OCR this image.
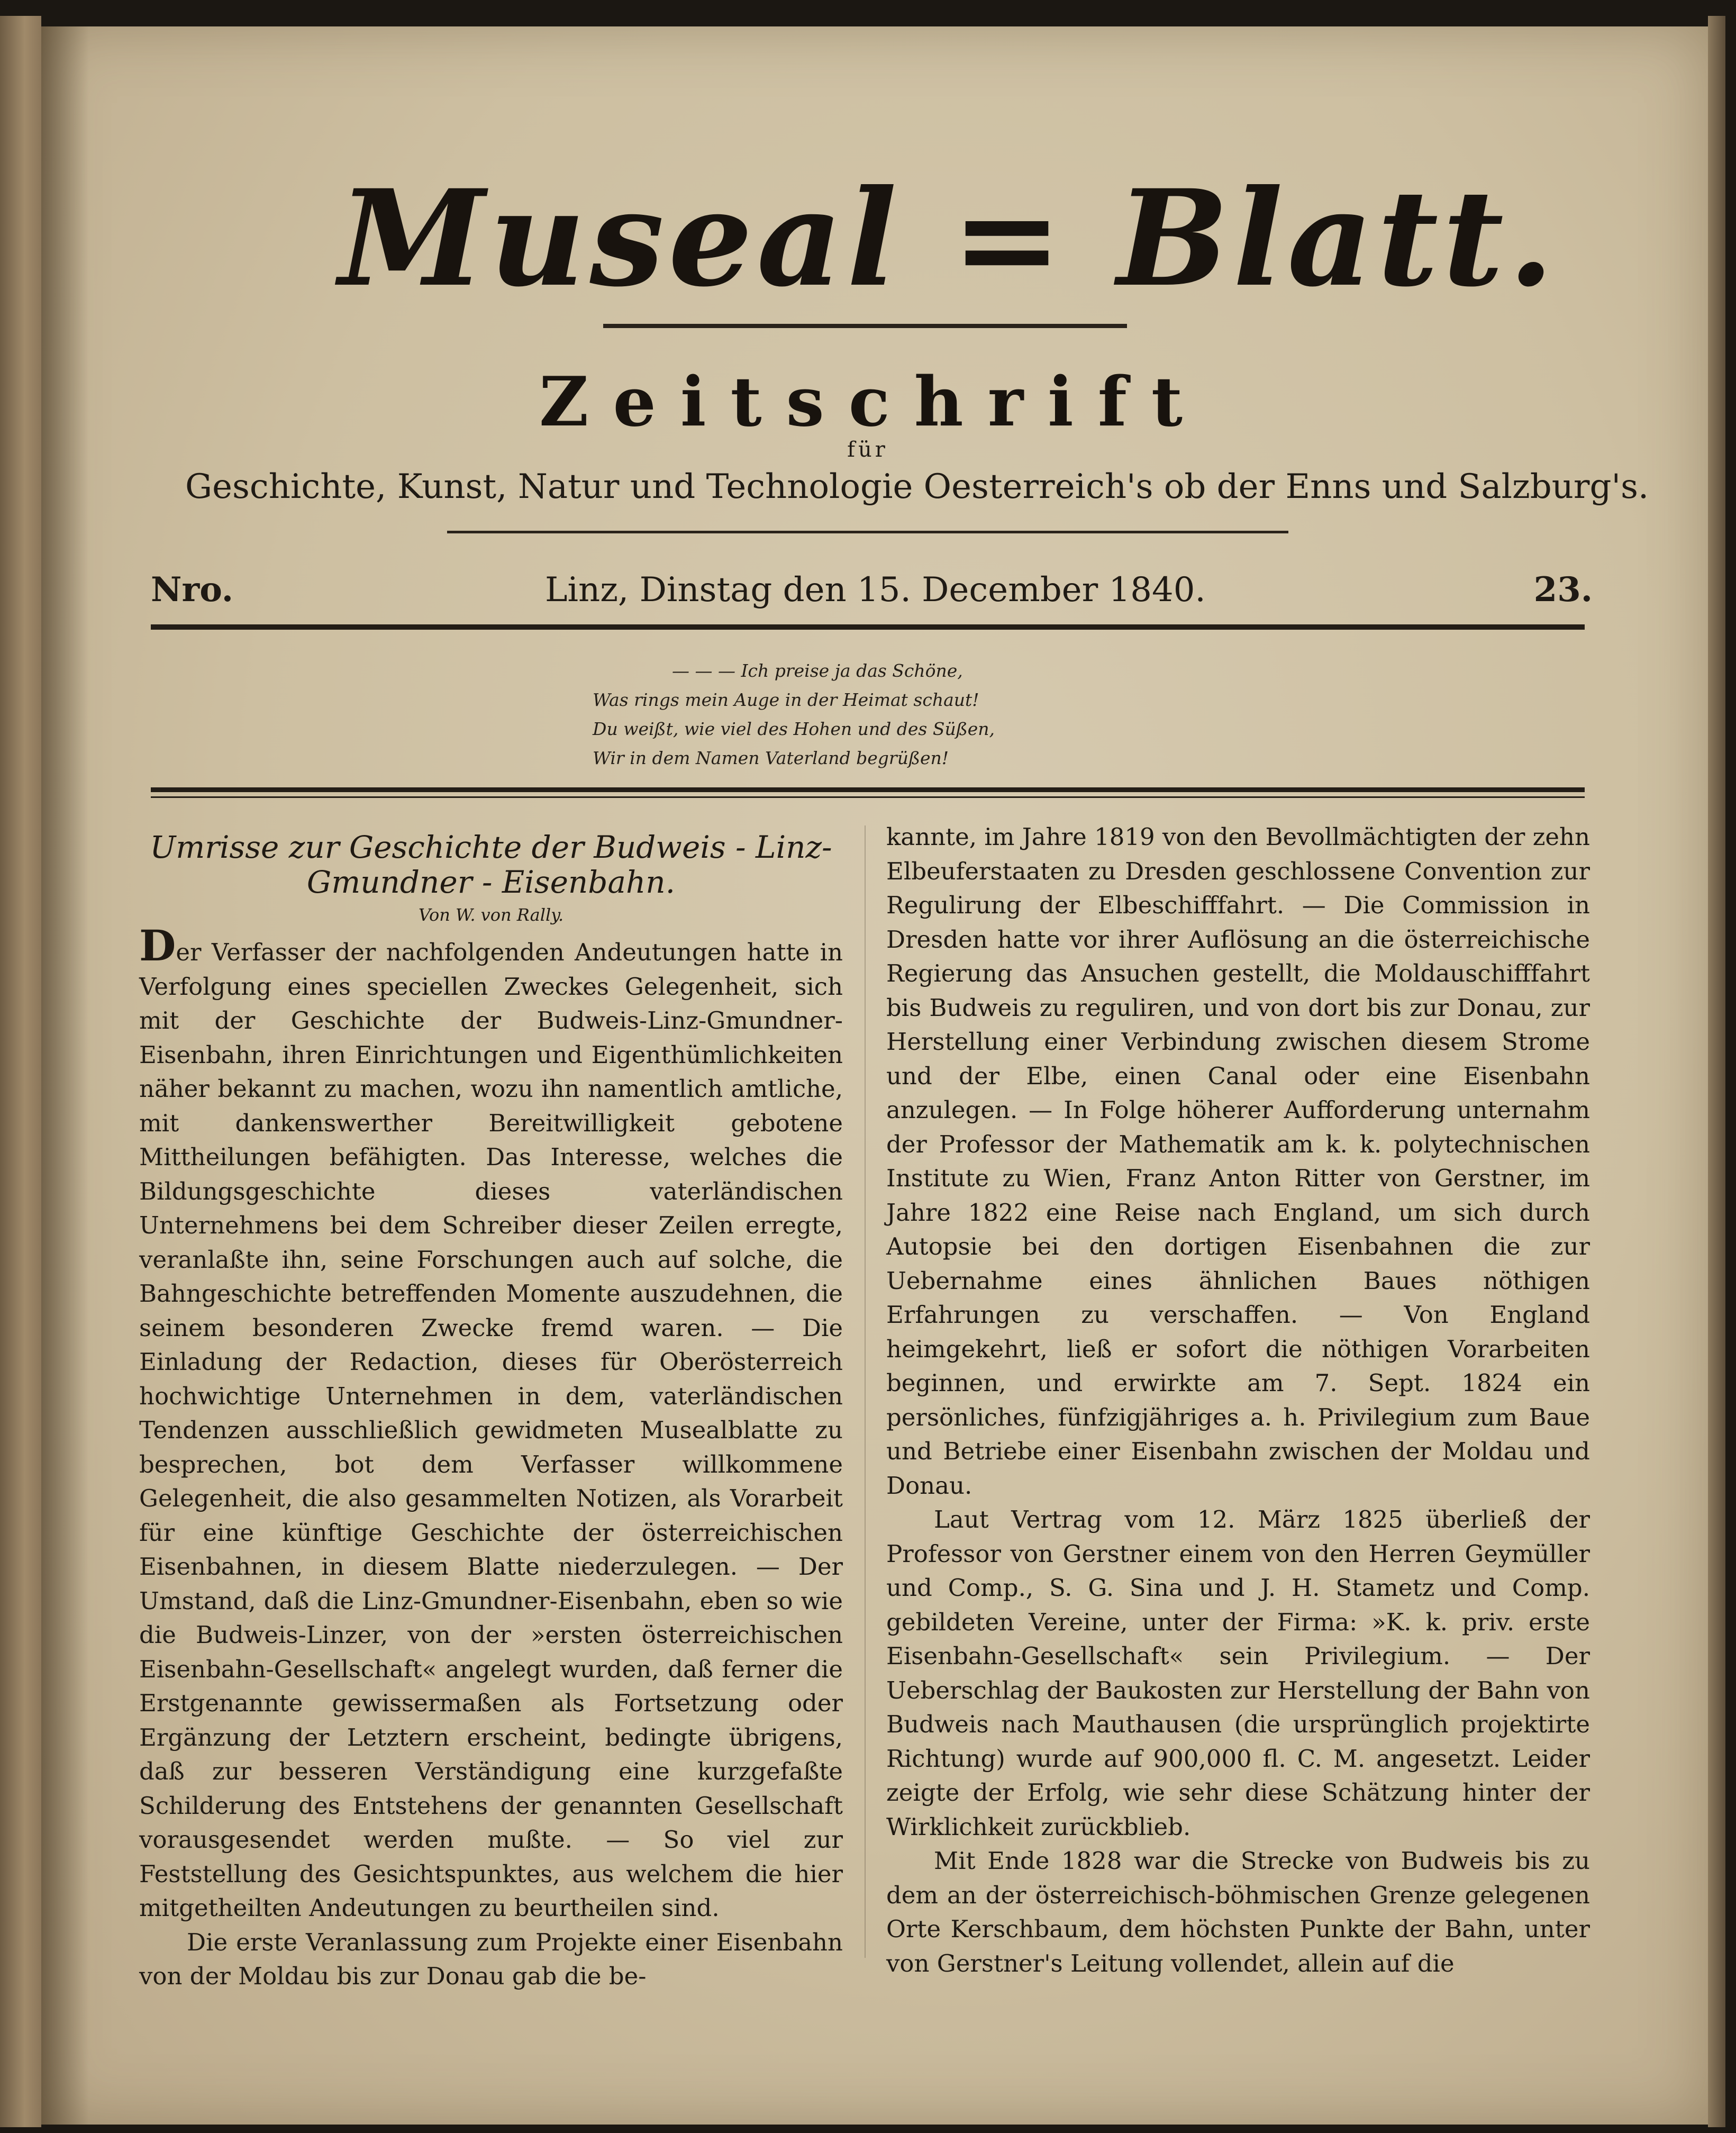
Museal = Blatt.
Zeitschrift
für
Geschichte, Kunst, Natur und Technologie Oesterreich's ob der Enns und Salzburg's.
Nro.	Linz, Dinstag den 15. December 1840.	23.
— — — Ich preise ja das Schöne,
Was rings mein Auge in der Heimat schaut!
Du weißt, wie viel des Hohen und des Süßen,
Wir in dem Namen Vaterland begrüßen!
Umrisse zur Geschichte der Budweis - Linz- Gmundner - Eisenbahn.
Von W. von Rally.

Der Verfasser der nachfolgenden Andeutungen hatte in Verfolgung eines speciellen Zweckes Gelegenheit, sich mit der Geschichte der Budweis-Linz-Gmundner-Eisenbahn, ihren Einrichtungen und Eigenthümlichkeiten näher bekannt zu machen, wozu ihn namentlich amtliche, mit dankenswerther Bereitwilligkeit gebotene Mittheilungen befähigten. Das Interesse, welches die Bildungsgeschichte dieses vaterländischen Unternehmens bei dem Schreiber dieser Zeilen erregte, veranlaßte ihn, seine Forschungen auch auf solche, die Bahngeschichte betreffenden Momente auszudehnen, die seinem besonderen Zwecke fremd waren. — Die Einladung der Redaction, dieses für Oberösterreich hochwichtige Unternehmen in dem, vaterländischen Tendenzen ausschließlich gewidmeten Musealblatte zu besprechen, bot dem Verfasser willkommene Gelegenheit, die also gesammelten Notizen, als Vorarbeit für eine künftige Geschichte der österreichischen Eisenbahnen, in diesem Blatte niederzulegen. — Der Umstand, daß die Linz-Gmundner-Eisenbahn, eben so wie die Budweis-Linzer, von der »ersten österreichischen Eisenbahn-Gesellschaft« angelegt wurden, daß ferner die Erstgenannte gewissermaßen als Fortsetzung oder Ergänzung der Letztern erscheint, bedingte übrigens, daß zur besseren Verständigung eine kurzgefaßte Schilderung des Entstehens der genannten Gesellschaft vorausgesendet werden mußte. — So viel zur Feststellung des Gesichtspunktes, aus welchem die hier mitgetheilten Andeutungen zu beurtheilen sind.

Die erste Veranlassung zum Projekte einer Eisenbahn von der Moldau bis zur Donau gab die be-

kannte, im Jahre 1819 von den Bevollmächtigten der zehn Elbeuferstaaten zu Dresden geschlossene Convention zur Regulirung der Elbeschifffahrt. — Die Commission in Dresden hatte vor ihrer Auflösung an die österreichische Regierung das Ansuchen gestellt, die Moldauschifffahrt bis Budweis zu reguliren, und von dort bis zur Donau, zur Herstellung einer Verbindung zwischen diesem Strome und der Elbe, einen Canal oder eine Eisenbahn anzulegen. — In Folge höherer Aufforderung unternahm der Professor der Mathematik am k. k. polytechnischen Institute zu Wien, Franz Anton Ritter von Gerstner, im Jahre 1822 eine Reise nach England, um sich durch Autopsie bei den dortigen Eisenbahnen die zur Uebernahme eines ähnlichen Baues nöthigen Erfahrungen zu verschaffen. — Von England heimgekehrt, ließ er sofort die nöthigen Vorarbeiten beginnen, und erwirkte am 7. Sept. 1824 ein persönliches, fünfzigjähriges a. h. Privilegium zum Baue und Betriebe einer Eisenbahn zwischen der Moldau und Donau.

Laut Vertrag vom 12. März 1825 überließ der Professor von Gerstner einem von den Herren Geymüller und Comp., S. G. Sina und J. H. Stametz und Comp. gebildeten Vereine, unter der Firma: »K. k. priv. erste Eisenbahn-Gesellschaft« sein Privilegium. — Der Ueberschlag der Baukosten zur Herstellung der Bahn von Budweis nach Mauthausen (die ursprünglich projektirte Richtung) wurde auf 900,000 fl. C. M. angesetzt. Leider zeigte der Erfolg, wie sehr diese Schätzung hinter der Wirklichkeit zurückblieb.

Mit Ende 1828 war die Strecke von Budweis bis zu dem an der österreichisch-böhmischen Grenze gelegenen Orte Kerschbaum, dem höchsten Punkte der Bahn, unter von Gerstner's Leitung vollendet, allein auf die
